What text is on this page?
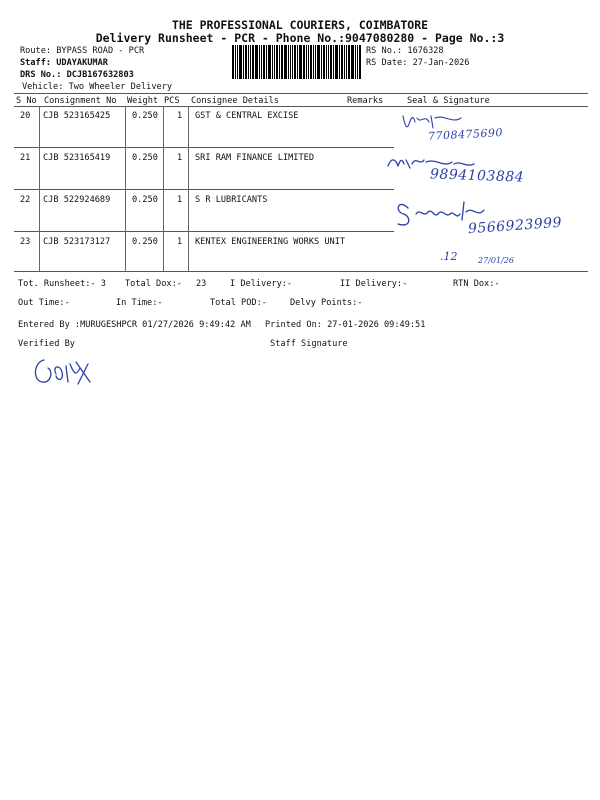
THE PROFESSIONAL COURIERS, COIMBATORE
Delivery Runsheet - PCR - Phone No.:9047080280 - Page No.:3
Route: BYPASS ROAD - PCR
Staff: UDAYAKUMAR
DRS No.: DCJB167632803
Vehicle: Two Wheeler Delivery
RS No.: 1676328
RS Date: 27-Jan-2026
S No Consignment No Weight PCS Consignee Details	Remarks	Seal & Signature
20 CJB 523165425	0.250 1 GST & CENTRAL EXCISE
21 CJB 523165419	0.250 1 SRI RAM FINANCE LIMITED
22 CJB 522924689	0.250 1 S R LUBRICANTS
23 CJB 523173127	0.250 1 KENTEX ENGINEERING WORKS UNIT
7708475690
9894103884
9566923999
.12	27/01/26
Tot. Runsheet:- 3 Total Dox:- 23	I Delivery:-	II Delivery:-	RTN Dox:-
Out Time:-	In Time:-	Total POD:-	Delvy Points:-
Entered By :MURUGESHPCR 01/27/2026 9:49:42 AM Printed On: 27-01-2026 09:49:51
Verified By	Staff Signature
